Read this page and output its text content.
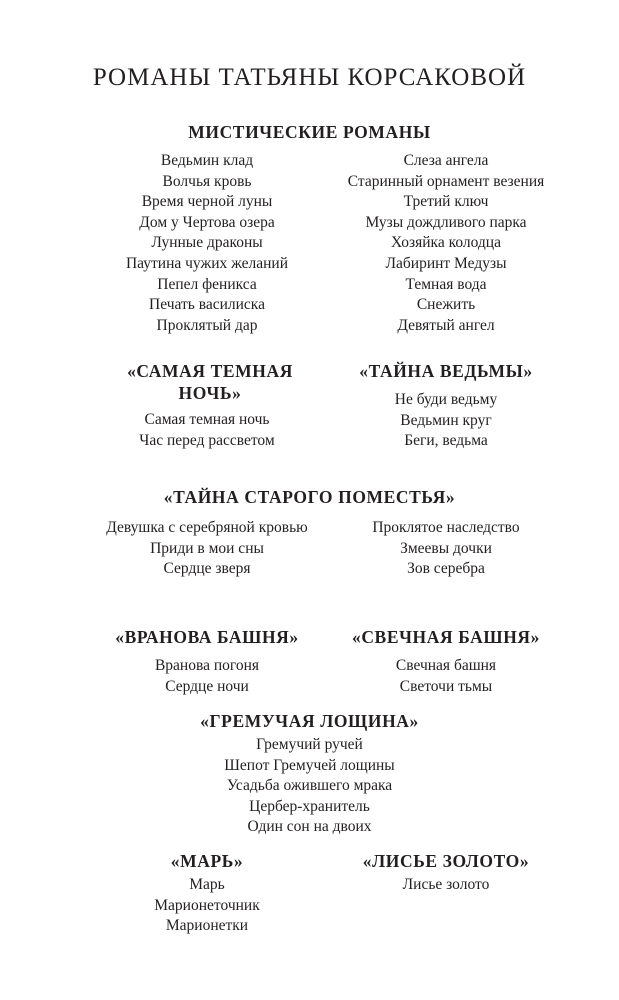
РОМАНЫ ТАТЬЯНЫ КОРСАКОВОЙ
МИСТИЧЕСКИЕ РОМАНЫ
Ведьмин клад
Волчья кровь
Время черной луны
Дом у Чертова озера
Лунные драконы
Паутина чужих желаний
Пепел феникса
Печать василиска
Проклятый дар
Слеза ангела
Старинный орнамент везения
Третий ключ
Музы дождливого парка
Хозяйка колодца
Лабиринт Медузы
Темная вода
Снежить
Девятый ангел
«САМАЯ ТЕМНАЯ
НОЧЬ»
Самая темная ночь
Час перед рассветом
«ТАЙНА ВЕДЬМЫ»
Не буди ведьму
Ведьмин круг
Беги, ведьма
«ТАЙНА СТАРОГО ПОМЕСТЬЯ»
Девушка с серебряной кровью
Приди в мои сны
Сердце зверя
Проклятое наследство
Змеевы дочки
Зов серебра
«ВРАНОВА БАШНЯ»
Вранова погоня
Сердце ночи
«СВЕЧНАЯ БАШНЯ»
Свечная башня
Светочи тьмы
«ГРЕМУЧАЯ ЛОЩИНА»
Гремучий ручей
Шепот Гремучей лощины
Усадьба ожившего мрака
Цербер-хранитель
Один сон на двоих
«МАРЬ»
Марь
Марионеточник
Марионетки
«ЛИСЬЕ ЗОЛОТО»
Лисье золото
